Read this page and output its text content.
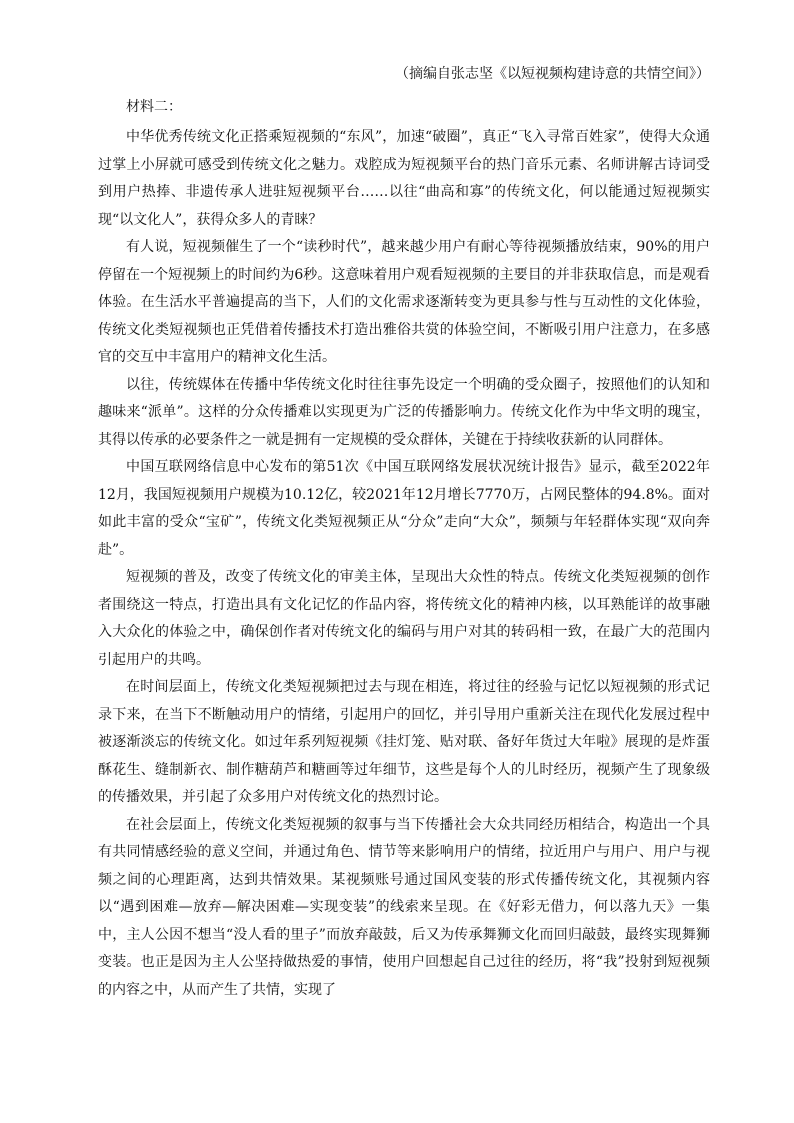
（摘编自张志坚《以短视频构建诗意的共情空间》）

材料二：

中华优秀传统文化正搭乘短视频的“东风”，加速“破圈”，真正“飞入寻常百姓家”，使得大众通过掌上小屏就可感受到传统文化之魅力。戏腔成为短视频平台的热门音乐元素、名师讲解古诗词受到用户热捧、非遗传承人进驻短视频平台……以往“曲高和寡”的传统文化，何以能通过短视频实现“以文化人”，获得众多人的青睐？

有人说，短视频催生了一个“读秒时代”，越来越少用户有耐心等待视频播放结束，90%的用户停留在一个短视频上的时间约为6秒。这意味着用户观看短视频的主要目的并非获取信息，而是观看体验。在生活水平普遍提高的当下，人们的文化需求逐渐转变为更具参与性与互动性的文化体验，传统文化类短视频也正凭借着传播技术打造出雅俗共赏的体验空间，不断吸引用户注意力，在多感官的交互中丰富用户的精神文化生活。

以往，传统媒体在传播中华传统文化时往往事先设定一个明确的受众圈子，按照他们的认知和趣味来“派单”。这样的分众传播难以实现更为广泛的传播影响力。传统文化作为中华文明的瑰宝，其得以传承的必要条件之一就是拥有一定规模的受众群体，关键在于持续收获新的认同群体。

中国互联网络信息中心发布的第51次《中国互联网络发展状况统计报告》显示，截至2022年12月，我国短视频用户规模为10.12亿，较2021年12月增长7770万，占网民整体的94.8%。面对如此丰富的受众“宝矿”，传统文化类短视频正从“分众”走向“大众”，频频与年轻群体实现“双向奔赴”。

短视频的普及，改变了传统文化的审美主体，呈现出大众性的特点。传统文化类短视频的创作者围绕这一特点，打造出具有文化记忆的作品内容，将传统文化的精神内核，以耳熟能详的故事融入大众化的体验之中，确保创作者对传统文化的编码与用户对其的转码相一致，在最广大的范围内引起用户的共鸣。

在时间层面上，传统文化类短视频把过去与现在相连，将过往的经验与记忆以短视频的形式记录下来，在当下不断触动用户的情绪，引起用户的回忆，并引导用户重新关注在现代化发展过程中被逐渐淡忘的传统文化。如过年系列短视频《挂灯笼、贴对联、备好年货过大年啦》展现的是炸蛋酥花生、缝制新衣、制作糖葫芦和糖画等过年细节，这些是每个人的儿时经历，视频产生了现象级的传播效果，并引起了众多用户对传统文化的热烈讨论。

在社会层面上，传统文化类短视频的叙事与当下传播社会大众共同经历相结合，构造出一个具有共同情感经验的意义空间，并通过角色、情节等来影响用户的情绪，拉近用户与用户、用户与视频之间的心理距离，达到共情效果。某视频账号通过国风变装的形式传播传统文化，其视频内容以“遇到困难—放弃—解决困难—实现变装”的线索来呈现。在《好彩无借力，何以落九天》一集中，主人公因不想当“没人看的里子”而放弃敲鼓，后又为传承舞狮文化而回归敲鼓，最终实现舞狮变装。也正是因为主人公坚持做热爱的事情，使用户回想起自己过往的经历，将“我”投射到短视频的内容之中，从而产生了共情，实现了
